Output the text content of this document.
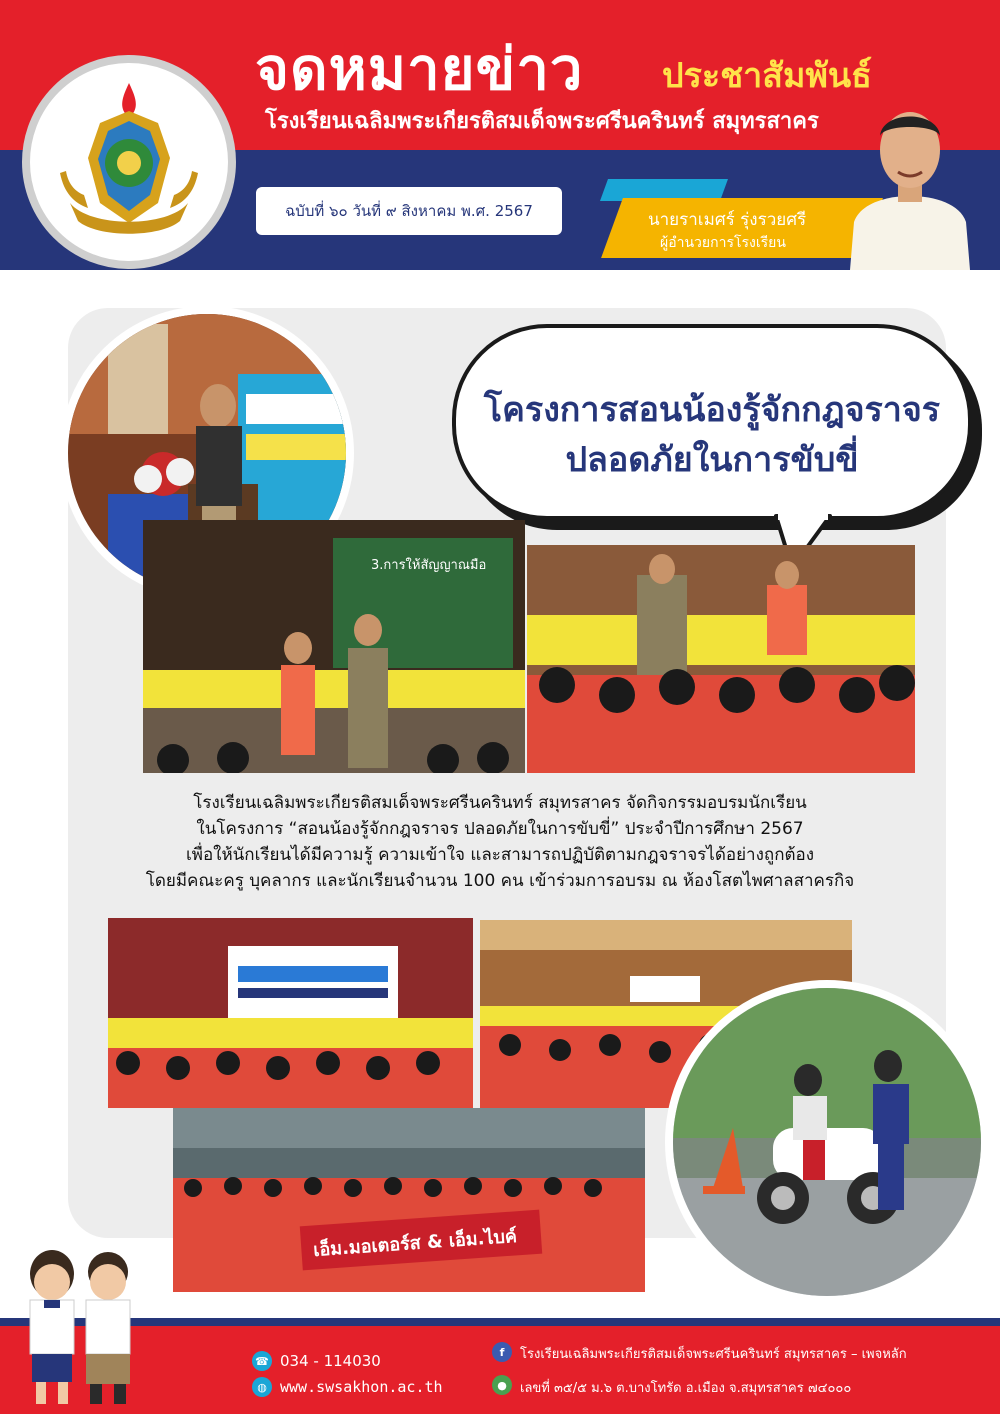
จดหมายข่าว ประชาสัมพันธ์
โรงเรียนเฉลิมพระเกียรติสมเด็จพระศรีนครินทร์ สมุทรสาคร
ฉบับที่ ๖๐ วันที่ ๙ สิงหาคม พ.ศ. 2567	นายราเมศร์ รุ่งรวยศรี
ผู้อำนวยการโรงเรียน
โครงการสอนน้องรู้จักกฎจราจร
ปลอดภัยในการขับขี่
3.การให้สัญญาณมือ
โรงเรียนเฉลิมพระเกียรติสมเด็จพระศรีนครินทร์ สมุทรสาคร จัดกิจกรรมอบรมนักเรียน
ในโครงการ “สอนน้องรู้จักกฎจราจร ปลอดภัยในการขับขี่” ประจำปีการศึกษา 2567
เพื่อให้นักเรียนได้มีความรู้ ความเข้าใจ และสามารถปฏิบัติตามกฎจราจรได้อย่างถูกต้อง
โดยมีคณะครู บุคลากร และนักเรียนจำนวน 100 คน เข้าร่วมการอบรม ณ ห้องโสตไพศาลสาครกิจ
เอ็ม.มอเตอร์ส & เอ็ม.ไบค์
☎ 034 - 114030
◍ www.swsakhon.ac.th
f	โรงเรียนเฉลิมพระเกียรติสมเด็จพระศรีนครินทร์ สมุทรสาคร – เพจหลัก
●	เลขที่ ๓๕/๕ ม.๖ ต.บางโทรัด อ.เมือง จ.สมุทรสาคร ๗๔๐๐๐
